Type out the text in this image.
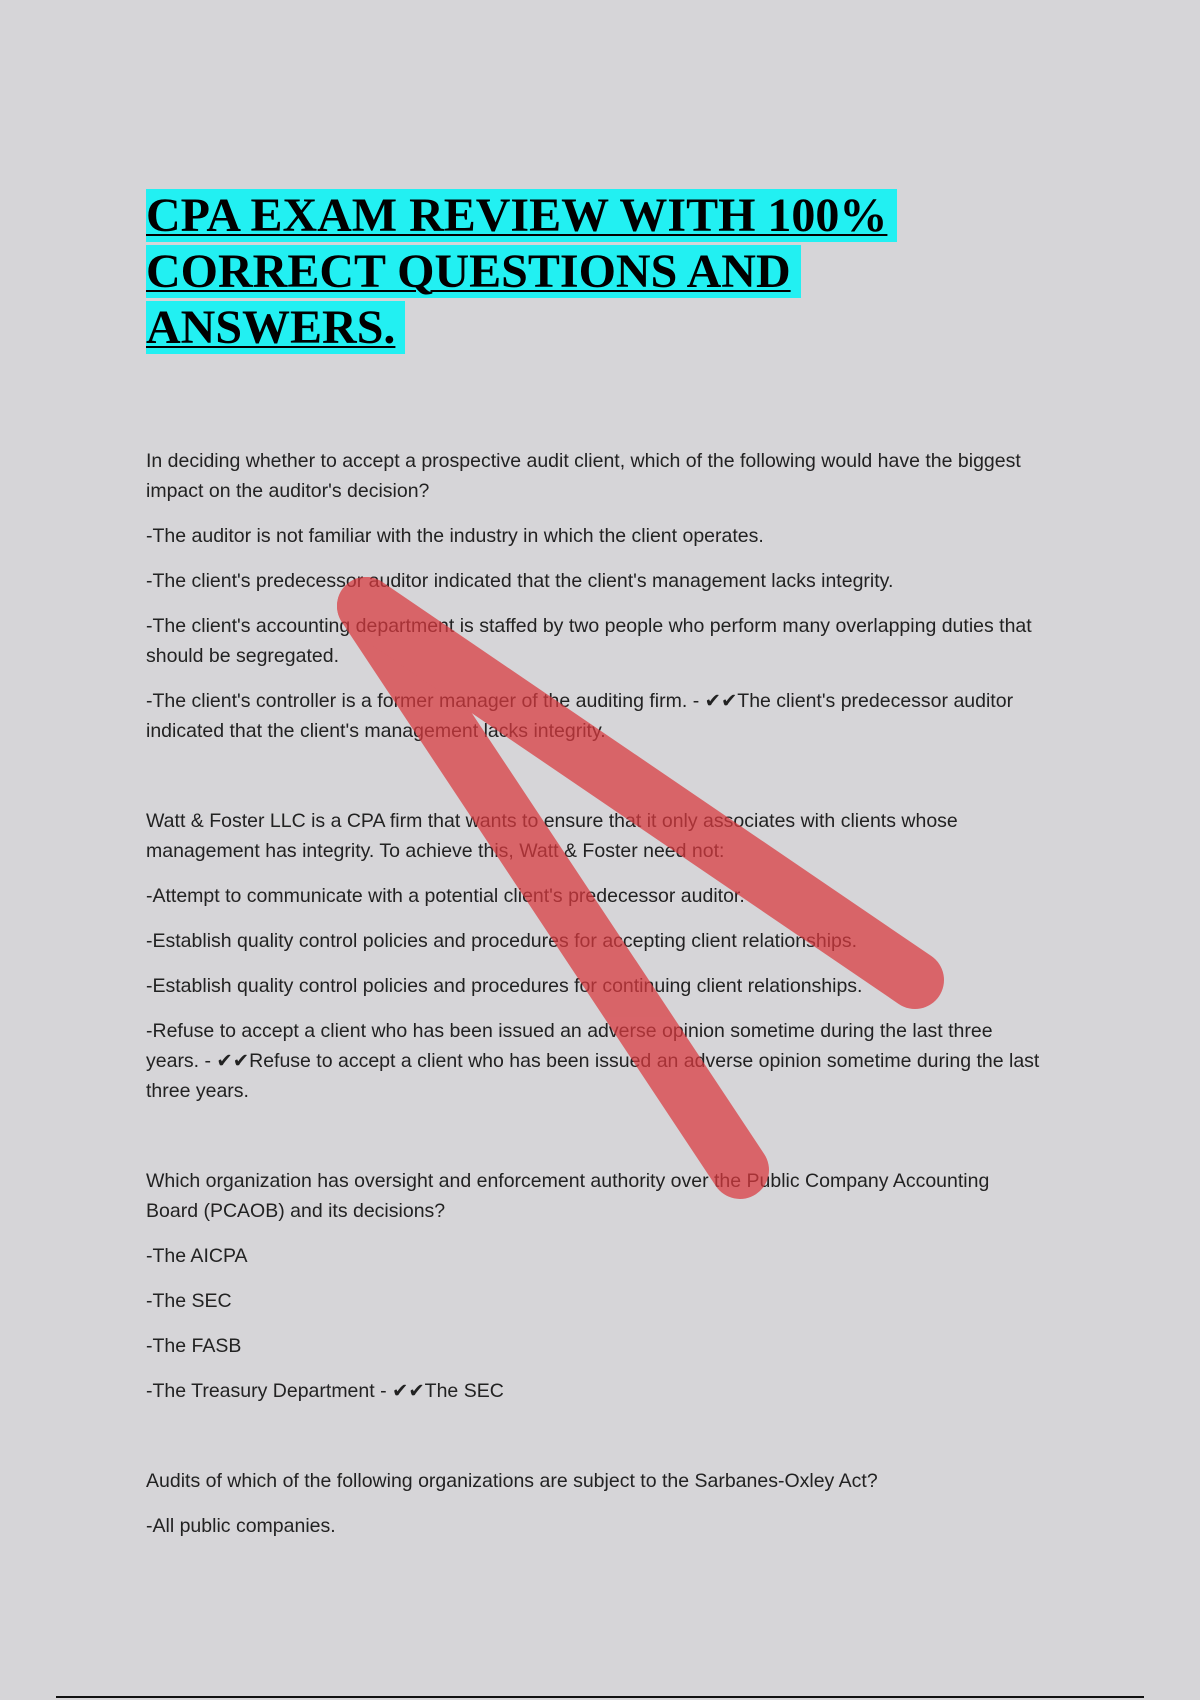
CPA EXAM REVIEW WITH 100%
CORRECT QUESTIONS AND
ANSWERS.

In deciding whether to accept a prospective audit client, which of the following would have the biggest impact on the auditor's decision?

-The auditor is not familiar with the industry in which the client operates.

-The client's predecessor auditor indicated that the client's management lacks integrity.

-The client's accounting department is staffed by two people who perform many overlapping duties that should be segregated.

-The client's controller is a former manager of the auditing firm. - ✔✔The client's predecessor auditor indicated that the client's management lacks integrity.

Watt & Foster LLC is a CPA firm that wants to ensure that it only associates with clients whose management has integrity. To achieve this, Watt & Foster need not:

-Attempt to communicate with a potential client's predecessor auditor.

-Establish quality control policies and procedures for accepting client relationships.

-Establish quality control policies and procedures for continuing client relationships.

-Refuse to accept a client who has been issued an adverse opinion sometime during the last three years. - ✔✔Refuse to accept a client who has been issued an adverse opinion sometime during the last three years.

Which organization has oversight and enforcement authority over the Public Company Accounting Board (PCAOB) and its decisions?

-The AICPA

-The SEC

-The FASB

-The Treasury Department - ✔✔The SEC

Audits of which of the following organizations are subject to the Sarbanes-Oxley Act?

-All public companies.
